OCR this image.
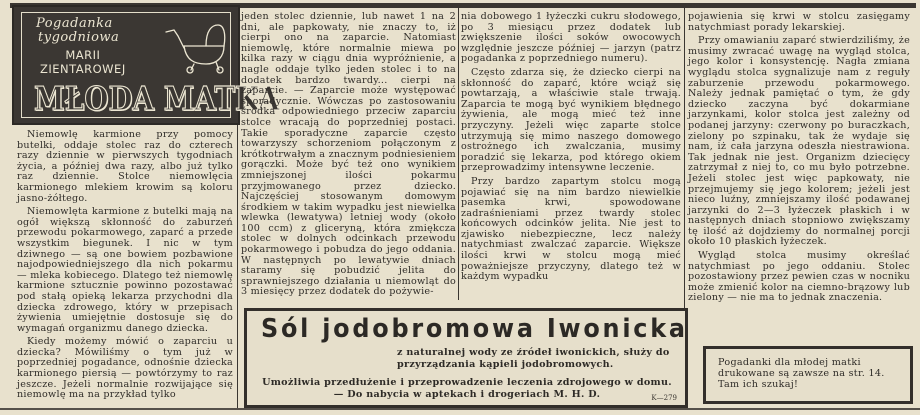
Pogadanka
tygodniowa
MARII
ZIENTAROWEJ
MŁODA MATKA

Niemowlę karmione przy pomocy butelki, oddaje stolec raz do czterech razy dziennie w pierwszych tygodniach życia, a później dwa razy, albo już tylko raz dziennie. Stolce niemowlęcia karmionego mlekiem krowim są koloru jasno-żółtego.

Niemowlęta karmione z butelki mają na ogół większą skłonność do zaburzeń przewodu pokarmowego, zaparć a przede wszystkim biegunek. I nic w tym dziwnego — są one bowiem pozbawione najodpowiedniejszego dla nich pokarmu — mleka kobiecego. Dlatego też niemowlę karmione sztucznie powinno pozostawać pod stałą opieką lekarza przychodni dla dziecka zdrowego, który w przepisach żywienia umiejętnie dostosuje się do wymagań organizmu danego dziecka.

Kiedy możemy mówić o zaparciu u dziecka? Mówiliśmy o tym już w poprzedniej pogadance, odnośnie dziecka karmionego piersią — powtórzymy to raz jeszcze. Jeżeli normalnie rozwijające się niemowlę ma na przykład tylko

jeden stolec dziennie, lub nawet 1 na 2 dni, ale papkowaty, nie znaczy to, iż cierpi ono na zaparcie. Natomiast niemowlę, które normalnie miewa po kilka razy w ciągu dnia wypróżnienie, a nagle oddaje tylko jeden stolec i to na dodatek bardzo twardy... cierpi na zaparcie. — Zaparcie może występować sporadycznie. Wówczas po zastosowaniu środka odpowiedniego przeciw zaparciu stolce wracają do poprzedniej postaci. Takie sporadyczne zaparcie często towarzyszy schorzeniom połączonym z krótkotrwałym a znacznym podniesieniem gorączki. Może być też ono wynikiem zmniejszonej ilości pokarmu przyjmowanego przez dziecko. Najczęściej stosowanym domowym środkiem w takim wypadku jest niewielka wlewka (lewatywa) letniej wody (około 100 ccm) z gliceryną, która zmiękcza stolec w dolnych odcinkach przewodu pokarmowego i pobudza do jego oddania. W następnych po lewatywie dniach staramy się pobudzić jelita do sprawniejszego działania u niemowląt do 3 miesięcy przez dodatek do pożywie-

nia dobowego 1 łyżeczki cukru słodowego, po 3 miesiącu przez dodatek lub zwiększenie ilości soków owocowych względnie jeszcze później — jarzyn (patrz pogadanka z poprzedniego numeru).

Często zdarza się, że dziecko cierpi na skłonność do zaparć, które wciąż się powtarzają, a właściwie stale trwają. Zaparcia te mogą być wynikiem błędnego żywienia, ale mogą mieć też inne przyczyny. Jeżeli więc zaparte stolce utrzymują się mimo naszego domowego ostrożnego ich zwalczania, musimy poradzić się lekarza, pod którego okiem przeprowadzimy intensywne leczenie.

Przy bardzo zapartym stolcu mogą pojawiać się na nim bardzo niewielkie pasemka krwi, spowodowane zadraśnieniami przez twardy stolec końcowych odcinków jelita. Nie jest to zjawisko niebezpieczne, lecz należy natychmiast zwalczać zaparcie. Większe ilości krwi w stolcu mogą mieć poważniejsze przyczyny, dlatego też w każdym wypadku

pojawienia się krwi w stolcu zasięgamy natychmiast porady lekarskiej.

Przy omawianiu zaparć stwierdziliśmy, że musimy zwracać uwagę na wygląd stolca, jego kolor i konsystencję. Nagła zmiana wyglądu stolca sygnalizuje nam z reguły zaburzenie przewodu pokarmowego. Należy jednak pamiętać o tym, że gdy dziecko zaczyna być dokarmiane jarzynkami, kolor stolca jest zależny od podanej jarzyny: czerwony po buraczkach, zielony po szpinaku, tak że wydaje się nam, iż cała jarzyna odeszła niestrawiona. Tak jednak nie jest. Organizm dziecięcy zatrzymał z niej to, co mu było potrzebne. Jeżeli stolec jest więc papkowaty, nie przejmujemy się jego kolorem; jeżeli jest nieco luźny, zmniejszamy ilość podawanej jarzynki do 2—3 łyżeczek płaskich i w następnych dniach stopniowo zwiększamy tę ilość aż dojdziemy do normalnej porcji około 10 płaskich łyżeczek.

Wygląd stolca musimy określać natychmiast po jego oddaniu. Stolec pozostawiony przez pewien czas w nocniku może zmienić kolor na ciemno-brązowy lub zielony — nie ma to jednak znaczenia.

Sól jodobromowa Iwonicka
z naturalnej wody ze źródeł iwonickich, służy do przyrządzania kąpieli jodobromowych.
Umożliwia przedłużenie i przeprowadzenie leczenia zdrojowego w domu. — Do nabycia w aptekach i drogeriach M. H. D.	K—279
Pogadanki dla młodej matki drukowane są zawsze na str. 14. Tam ich szukaj!
